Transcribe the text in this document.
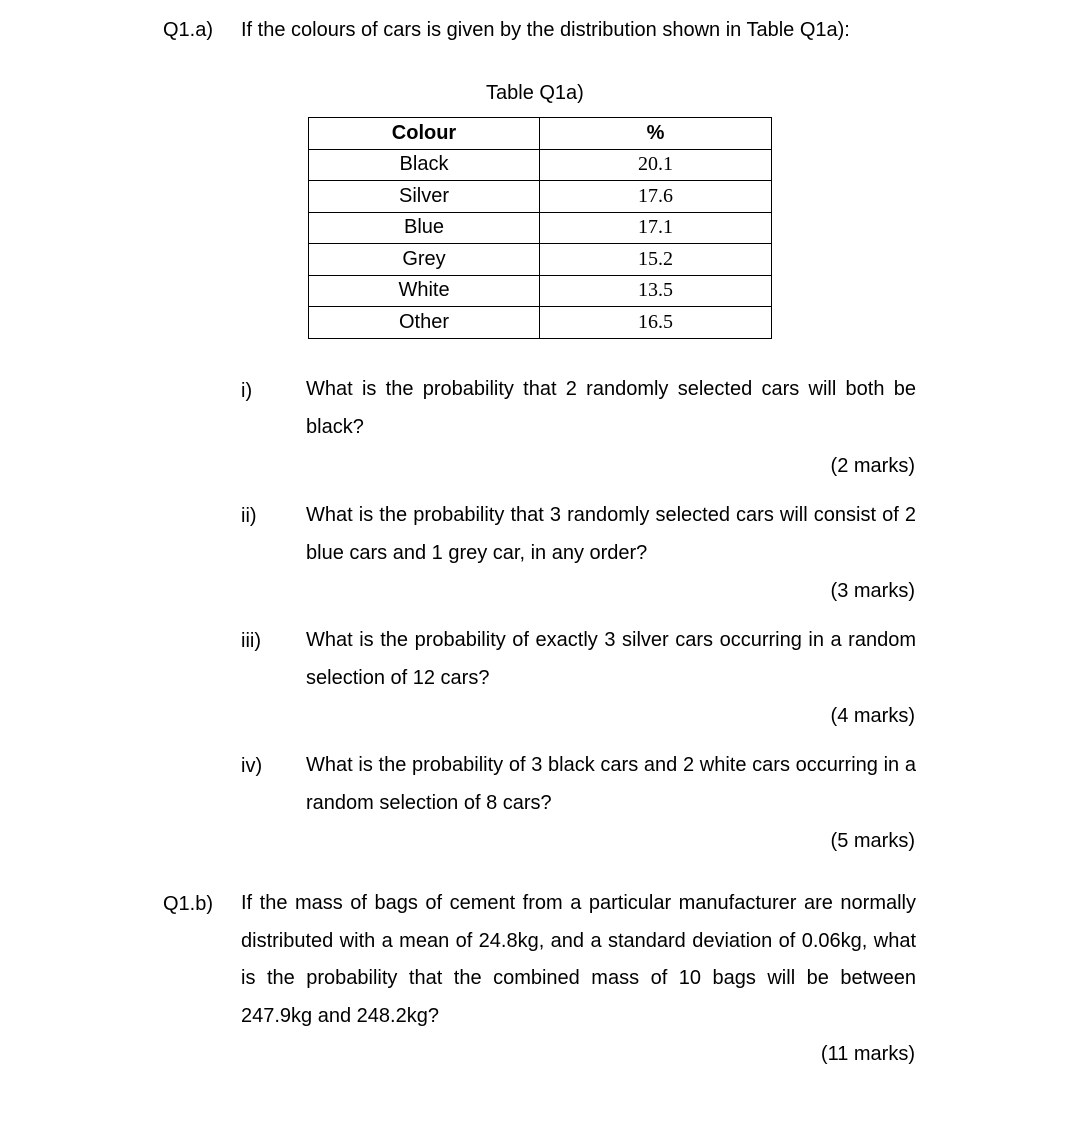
Q1.a) If the colours of cars is given by the distribution shown in Table Q1a):
Table Q1a)
Colour	%
Black	20.1
Silver	17.6
Blue	17.1
Grey	15.2
White	13.5
Other	16.5
i)	What is the probability that 2 randomly selected cars will both be black?
(2 marks)
ii) What is the probability that 3 randomly selected cars will consist of 2 blue cars and 1 grey car, in any order?
(3 marks)
iii) What is the probability of exactly 3 silver cars occurring in a random selection of 12 cars?
(4 marks)
iv) What is the probability of 3 black cars and 2 white cars occurring in a random selection of 8 cars?
(5 marks)
Q1.b) If the mass of bags of cement from a particular manufacturer are normally distributed with a mean of 24.8kg, and a standard deviation of 0.06kg, what is the probability that the combined mass of 10 bags will be between 247.9kg and 248.2kg?
(11 marks)
